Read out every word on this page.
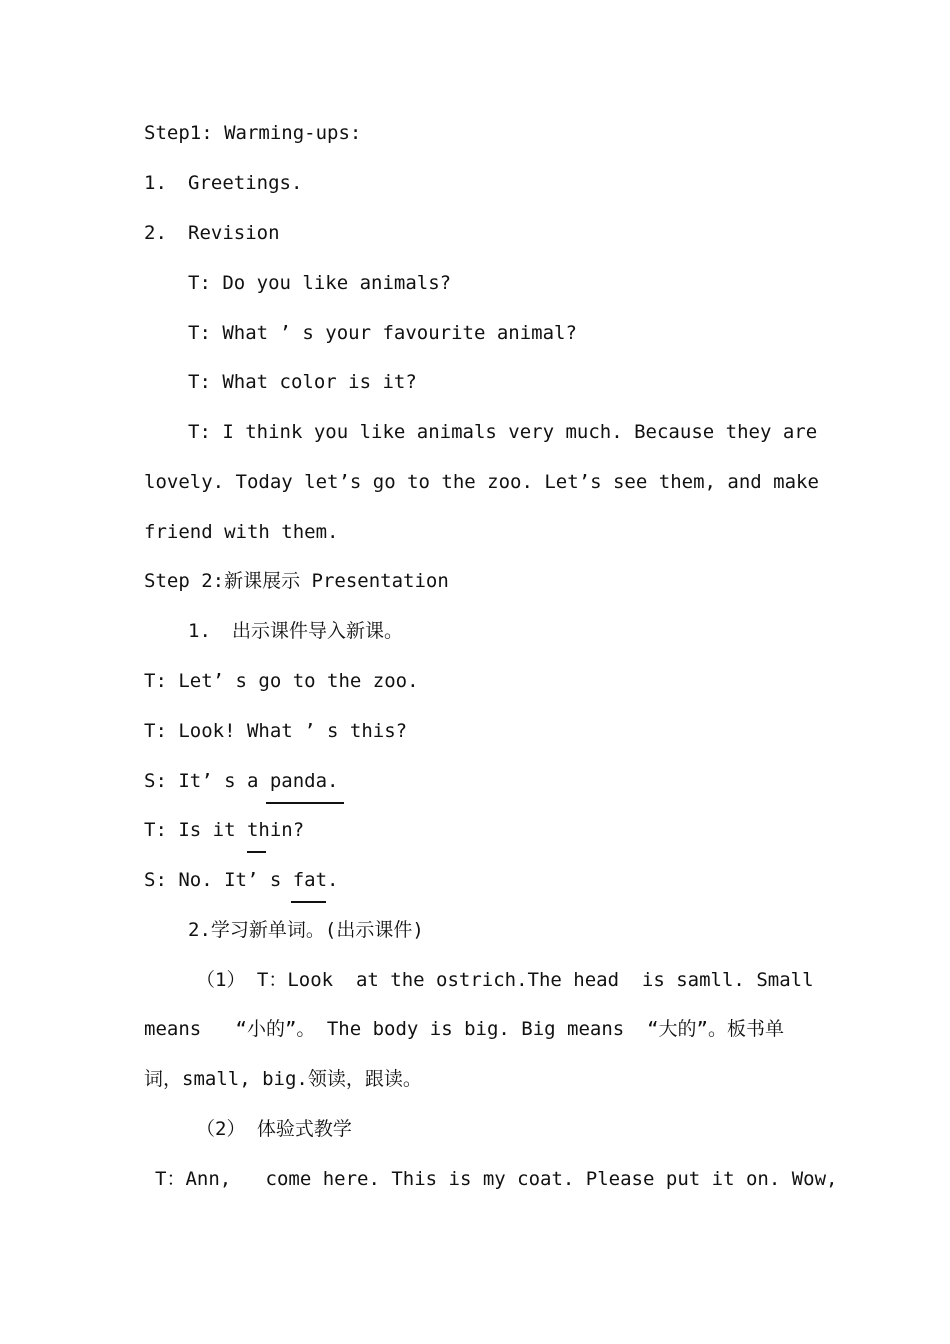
Step1: Warming-ups:
1. Greetings.
2. Revision
T: Do you like animals?
T: What ’ s your favourite animal?
T: What color is it?
T: I think you like animals very much. Because they are
lovely. Today let’s go to the zoo. Let’s see them, and make
friend with them.
Step 2:新课展示 Presentation
1. 出示课件导入新课。
T: Let’ s go to the zoo.
T: Look! What ’ s this?
S: It’ s a panda.
T: Is it thin?
S: No. It’ s fat.
2.学习新单词。(出示课件)
（1） T：Look  at the ostrich.The head  is samll. Small
means   “小的”。 The body is big. Big means  “大的”。板书单
词，small, big.领读，跟读。
（2） 体验式教学
T：Ann,   come here. This is my coat. Please put it on. Wow,
